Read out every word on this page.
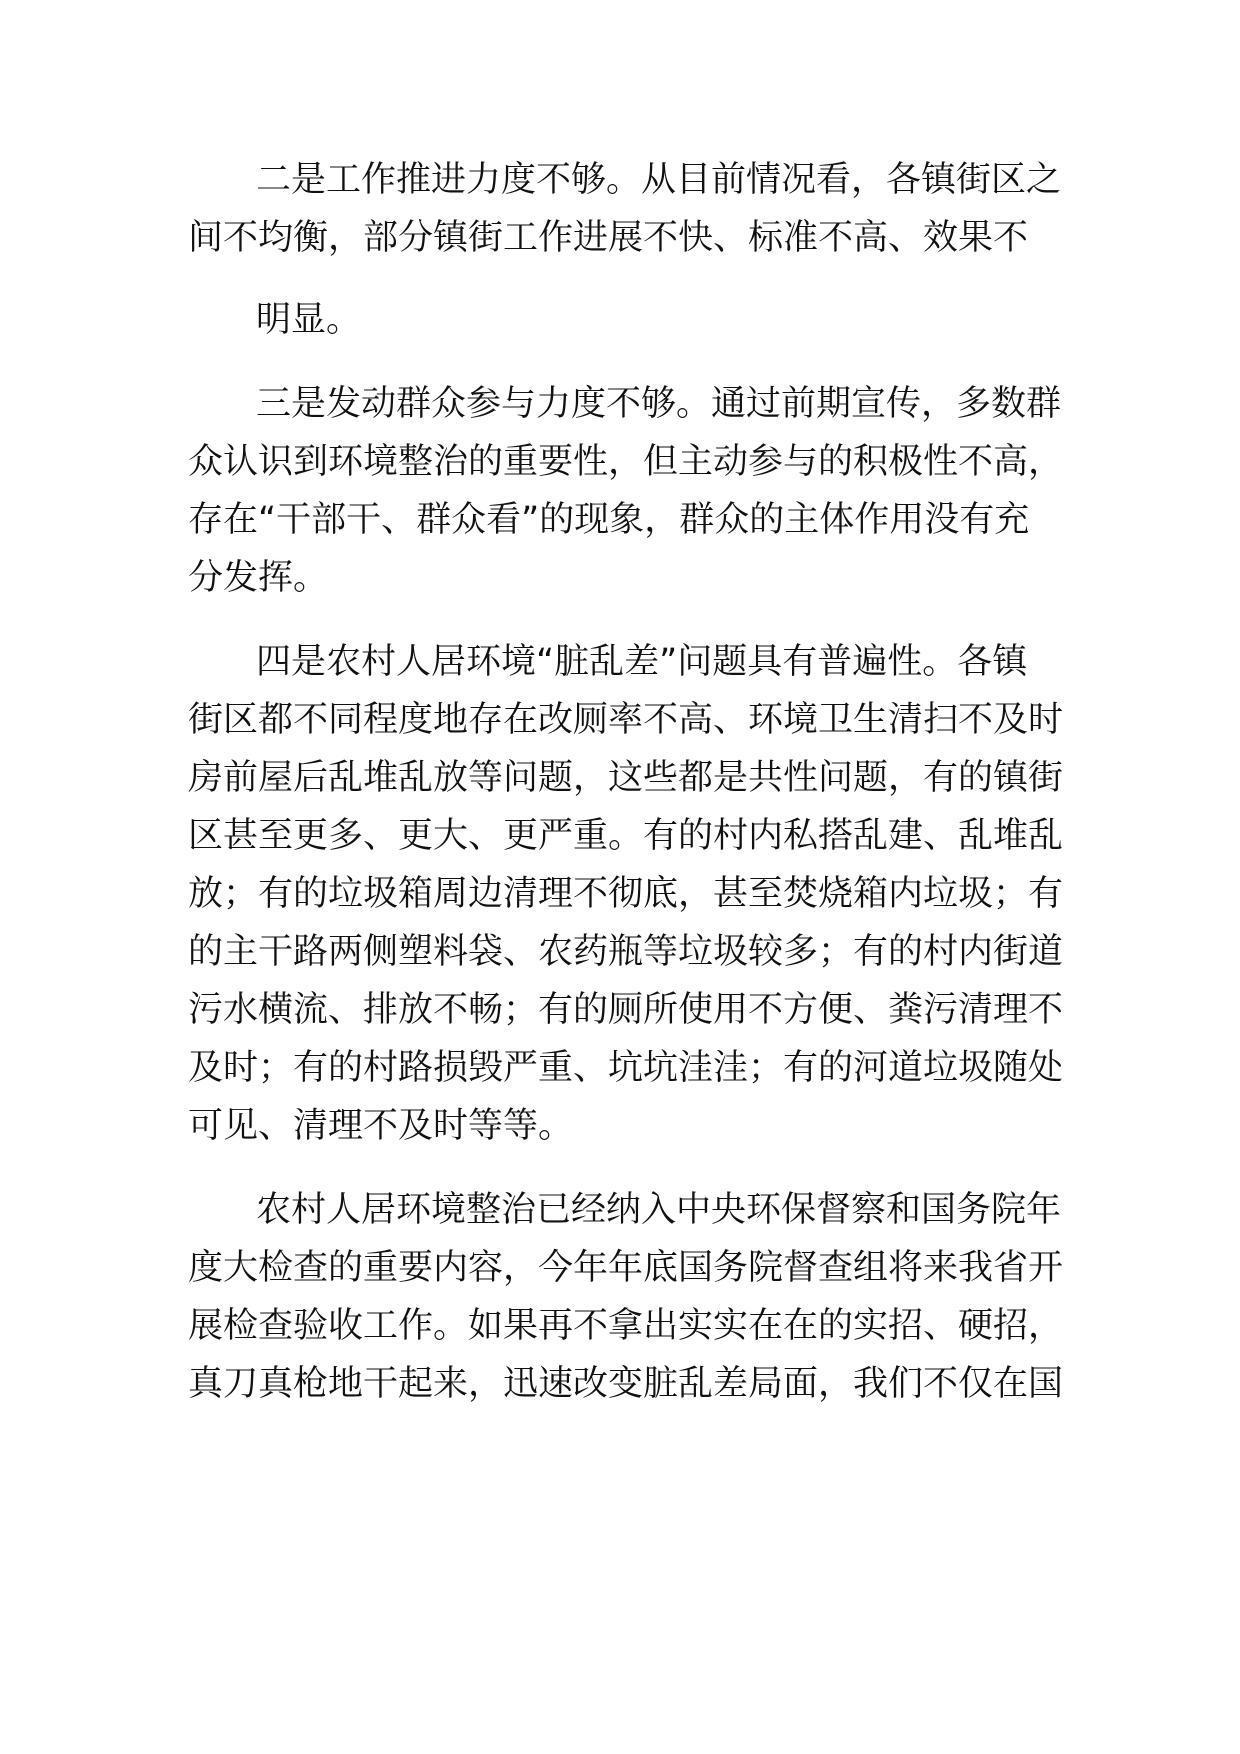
二是工作推进力度不够。从目前情况看，各镇街区之
间不均衡，部分镇街工作进展不快、标准不高、效果不
明显。
三是发动群众参与力度不够。通过前期宣传，多数群
众认识到环境整治的重要性，但主动参与的积极性不高，
存在“干部干、群众看”的现象，群众的主体作用没有充
分发挥。
四是农村人居环境“脏乱差”问题具有普遍性。各镇
街区都不同程度地存在改厕率不高、环境卫生清扫不及时
房前屋后乱堆乱放等问题，这些都是共性问题，有的镇街
区甚至更多、更大、更严重。有的村内私搭乱建、乱堆乱
放；有的垃圾箱周边清理不彻底，甚至焚烧箱内垃圾；有
的主干路两侧塑料袋、农药瓶等垃圾较多；有的村内街道
污水横流、排放不畅；有的厕所使用不方便、粪污清理不
及时；有的村路损毁严重、坑坑洼洼；有的河道垃圾随处
可见、清理不及时等等。
农村人居环境整治已经纳入中央环保督察和国务院年
度大检查的重要内容，今年年底国务院督查组将来我省开
展检查验收工作。如果再不拿出实实在在的实招、硬招，
真刀真枪地干起来，迅速改变脏乱差局面，我们不仅在国
